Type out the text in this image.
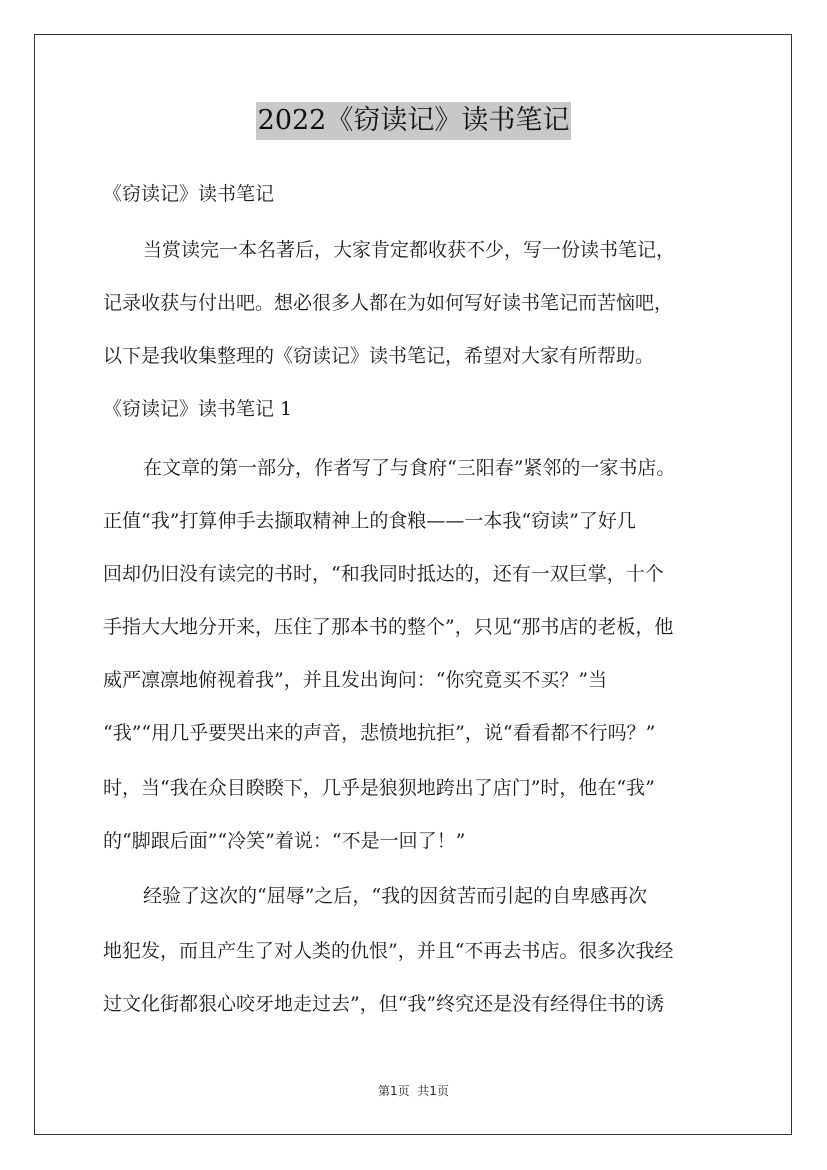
2022《窃读记》读书笔记
《窃读记》读书笔记
当赏读完一本名著后，大家肯定都收获不少，写一份读书笔记，
记录收获与付出吧。想必很多人都在为如何写好读书笔记而苦恼吧，
以下是我收集整理的《窃读记》读书笔记，希望对大家有所帮助。
《窃读记》读书笔记 1
在文章的第一部分，作者写了与食府“三阳春”紧邻的一家书店。
正值“我”打算伸手去撷取精神上的食粮——一本我“窃读”了好几
回却仍旧没有读完的书时，“和我同时抵达的，还有一双巨掌，十个
手指大大地分开来，压住了那本书的整个”，只见“那书店的老板，他
威严凛凛地俯视着我”，并且发出询问：“你究竟买不买？”当
“我”“用几乎要哭出来的声音，悲愤地抗拒”，说“看看都不行吗？”
时，当“我在众目睽睽下，几乎是狼狈地跨出了店门”时，他在“我”
的“脚跟后面”“冷笑”着说：“不是一回了！”
经验了这次的“屈辱”之后，“我的因贫苦而引起的自卑感再次
地犯发，而且产生了对人类的仇恨”，并且“不再去书店。很多次我经
过文化街都狠心咬牙地走过去”，但“我”终究还是没有经得住书的诱
第1页  共1页
